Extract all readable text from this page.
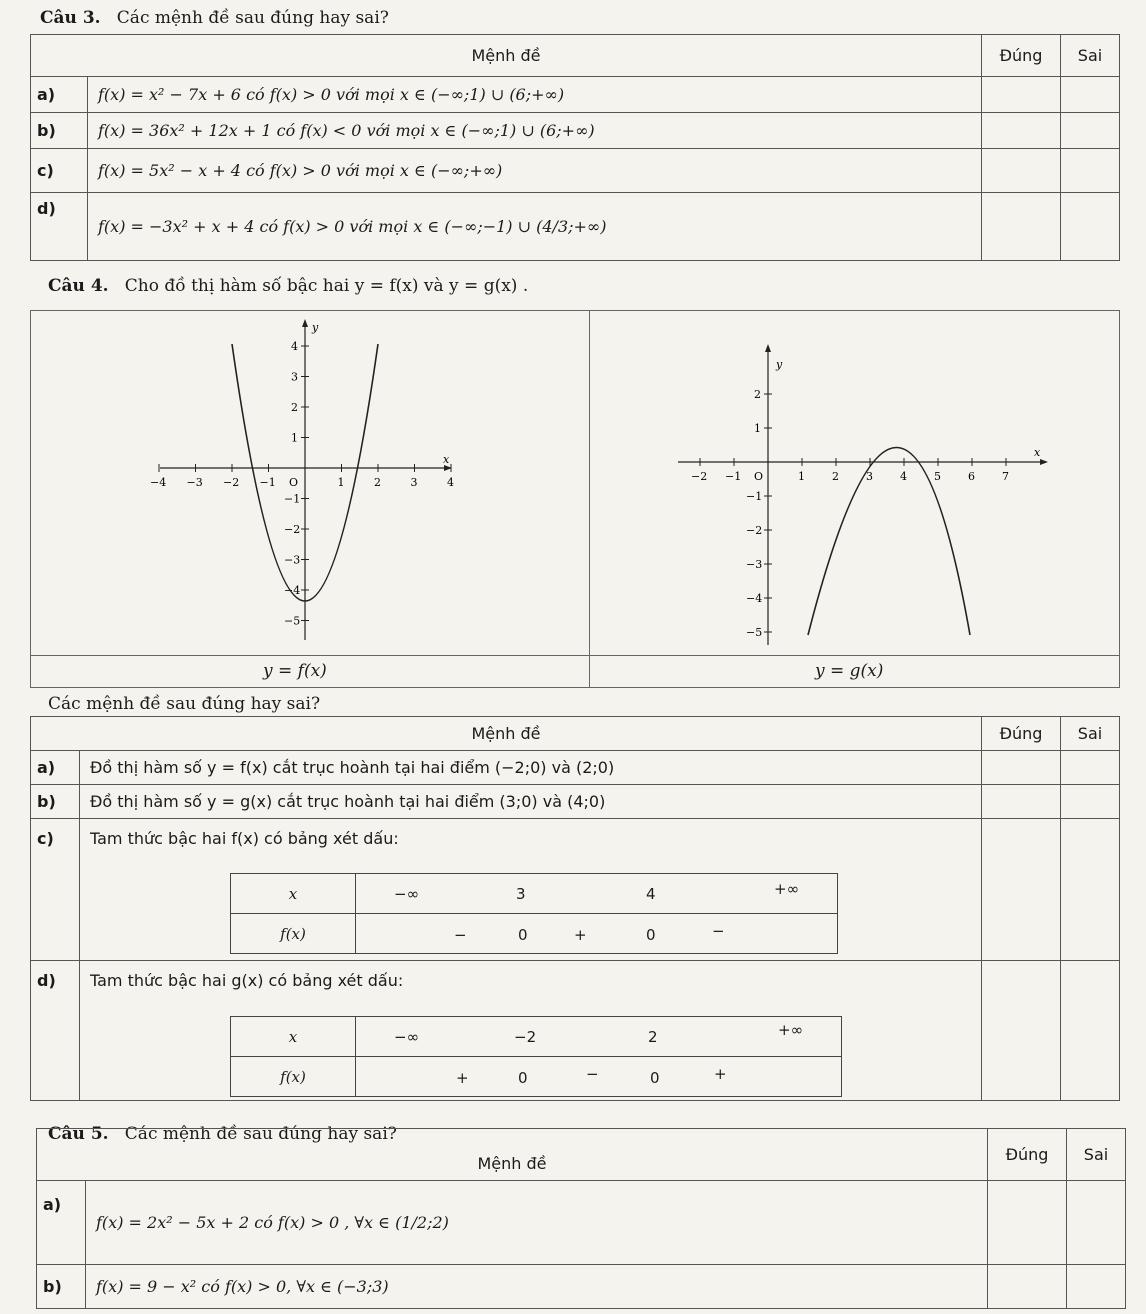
Câu 3. Các mệnh đề sau đúng hay sai?
Mệnh đề		Đúng	Sai
a)	f(x) = x² − 7x + 6 có f(x) > 0 với mọi x ∈ (−∞;1) ∪ (6;+∞)		
b)	f(x) = 36x² + 12x + 1 có f(x) < 0 với mọi x ∈ (−∞;1) ∪ (6;+∞)		
c)	f(x) = 5x² − x + 4 có f(x) > 0 với mọi x ∈ (−∞;+∞)		
d)	f(x) = −3x² + x + 4 có f(x) > 0 với mọi x ∈ (−∞;−1) ∪ (4/3;+∞)		
Câu 4. Cho đồ thị hàm số bậc hai y = f(x) và y = g(x) .
y = f(x)	y = g(x)
x
y
−4 −3 −2 −1 O	1	2	3	4
4
3
2
1
−1
−2
−3
−4
−5
x
y
−2 −1 O	1 2 3 4 5 6 7
2
1
−1
−2
−3
−4
−5
Các mệnh đề sau đúng hay sai?
Mệnh đề		Đúng	Sai
a)	Đồ thị hàm số y = f(x) cắt trục hoành tại hai điểm (−2;0) và (2;0)		
b)	Đồ thị hàm số y = g(x) cắt trục hoành tại hai điểm (3;0) và (4;0)		
c)	Tam thức bậc hai f(x) có bảng xét dấu:		
d)	Tam thức bậc hai g(x) có bảng xét dấu:		
x	−∞ 3 4 +∞

f(x)	− 0 + 0 −
x	−∞ −2 2 +∞

f(x)	+ 0 − 0 +
Câu 5. Các mệnh đề sau đúng hay sai?
Mệnh đề		Đúng	Sai
a)	f(x) = 2x² − 5x + 2 có f(x) > 0 , ∀x ∈ (1/2;2)		
b)	f(x) = 9 − x² có f(x) > 0, ∀x ∈ (−3;3)		
